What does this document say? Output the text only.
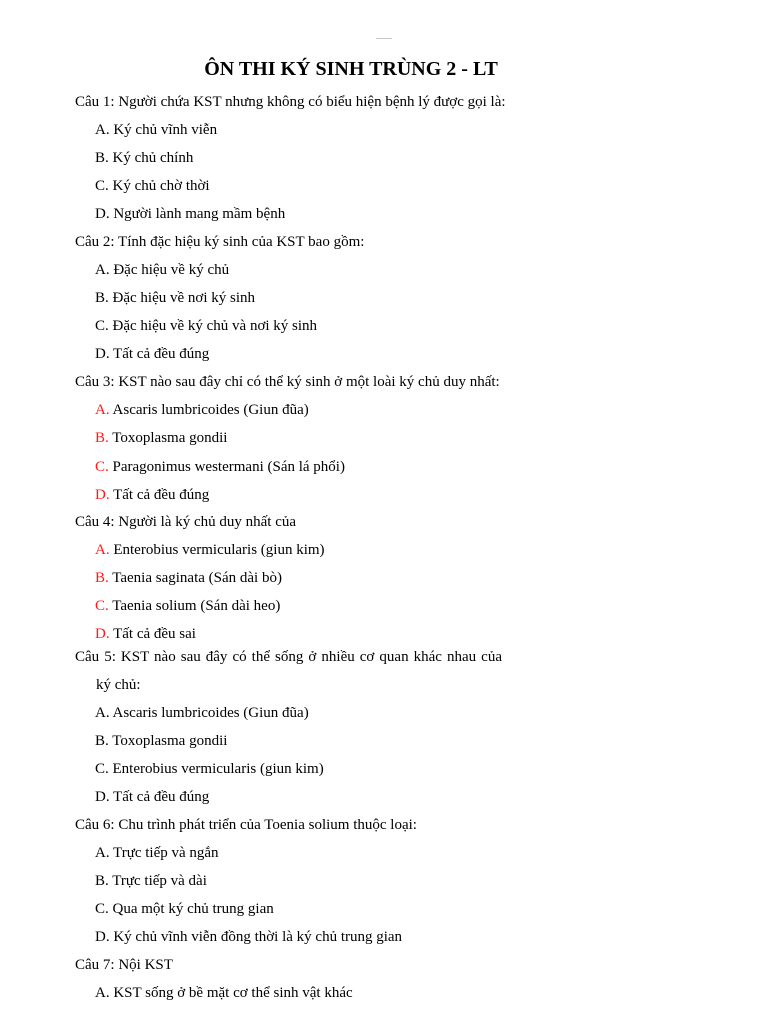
ÔN THI KÝ SINH TRÙNG 2 - LT
Câu 1: Người chứa KST nhưng không có biểu hiện bệnh lý được gọi là:
A. Ký chủ vĩnh viễn
B. Ký chủ chính
C. Ký chủ chờ thời
D. Người lành mang mầm bệnh
Câu 2: Tính đặc hiệu ký sinh của KST bao gồm:
A. Đặc hiệu về ký chủ
B. Đặc hiệu về nơi ký sinh
C. Đặc hiệu về ký chủ và nơi ký sinh
D. Tất cả đều đúng
Câu 3: KST nào sau đây chỉ có thể ký sinh ở một loài ký chủ duy nhất:
A. Ascaris lumbricoides (Giun đũa)
B. Toxoplasma gondii
C. Paragonimus westermani (Sán lá phổi)
D. Tất cả đều đúng
Câu 4: Người là ký chủ duy nhất của
A. Enterobius vermicularis (giun kim)
B. Taenia saginata (Sán dài bò)
C. Taenia solium (Sán dài heo)
D. Tất cả đều sai
Câu 5: KST nào sau đây có thể sống ở nhiều cơ quan khác nhau của
ký chủ:
A. Ascaris lumbricoides (Giun đũa)
B. Toxoplasma gondii
C. Enterobius vermicularis (giun kim)
D. Tất cả đều đúng
Câu 6: Chu trình phát triển của Toenia solium thuộc loại:
A. Trực tiếp và ngắn
B. Trực tiếp và dài
C. Qua một ký chủ trung gian
D. Ký chủ vĩnh viễn đồng thời là ký chủ trung gian
Câu 7: Nội KST
A. KST sống ở bề mặt cơ thể sinh vật khác
